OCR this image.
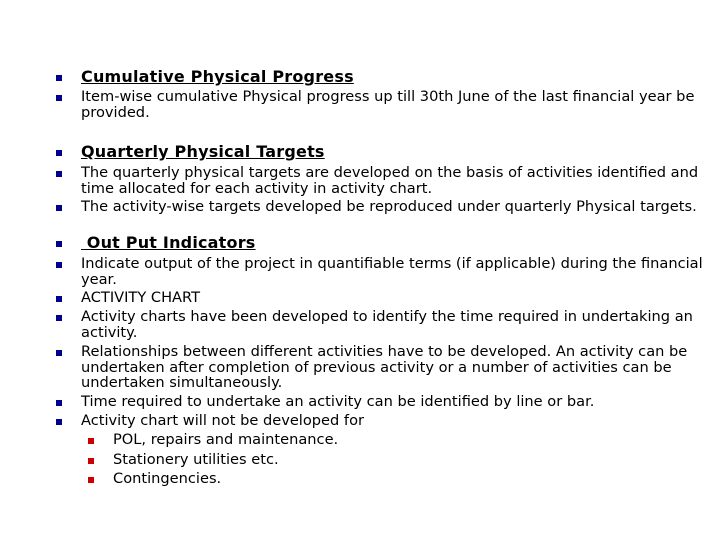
Cumulative Physical Progress
Item-wise cumulative Physical progress up till 30th June of the last financial year be provided.
Quarterly Physical Targets
The quarterly physical targets are developed on the basis of activities identified and time allocated for each activity in activity chart.
The activity-wise targets developed be reproduced under quarterly Physical targets.
Out Put Indicators
Indicate output of the project in quantifiable terms (if applicable) during the financial year.
ACTIVITY CHART
Activity charts have been developed to identify the time required in undertaking an activity.
Relationships between different activities have to be developed. An activity can be undertaken after completion of previous activity or a number of activities can be undertaken simultaneously.
Time required to undertake an activity can be identified by line or bar.
Activity chart will not be developed for
POL, repairs and maintenance.
Stationery utilities etc.
Contingencies.
